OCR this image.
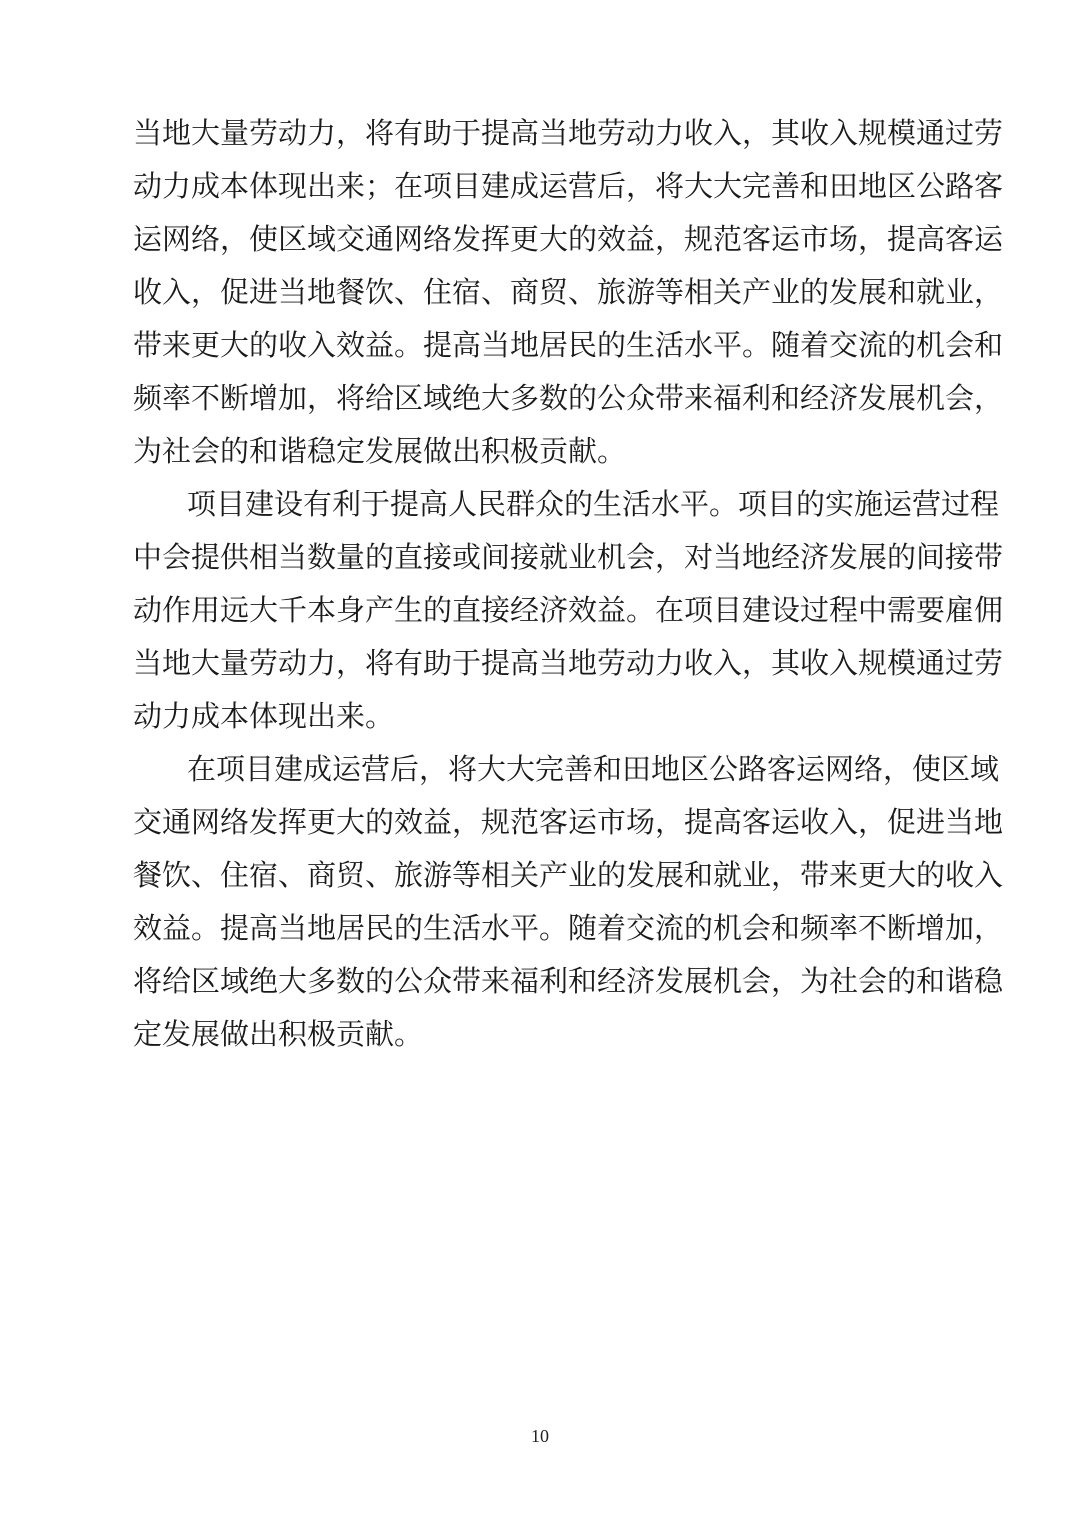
当地大量劳动力，将有助于提高当地劳动力收入，其收入规模通过劳
动力成本体现出来；在项目建成运营后，将大大完善和田地区公路客
运网络，使区域交通网络发挥更大的效益，规范客运市场，提高客运
收入，促进当地餐饮、住宿、商贸、旅游等相关产业的发展和就业，
带来更大的收入效益。提高当地居民的生活水平。随着交流的机会和
频率不断增加，将给区域绝大多数的公众带来福利和经济发展机会，
为社会的和谐稳定发展做出积极贡献。
项目建设有利于提高人民群众的生活水平。项目的实施运营过程
中会提供相当数量的直接或间接就业机会，对当地经济发展的间接带
动作用远大千本身产生的直接经济效益。在项目建设过程中需要雇佣
当地大量劳动力，将有助于提高当地劳动力收入，其收入规模通过劳
动力成本体现出来。
在项目建成运营后，将大大完善和田地区公路客运网络，使区域
交通网络发挥更大的效益，规范客运市场，提高客运收入，促进当地
餐饮、住宿、商贸、旅游等相关产业的发展和就业，带来更大的收入
效益。提高当地居民的生活水平。随着交流的机会和频率不断增加，
将给区域绝大多数的公众带来福利和经济发展机会，为社会的和谐稳
定发展做出积极贡献。
10
